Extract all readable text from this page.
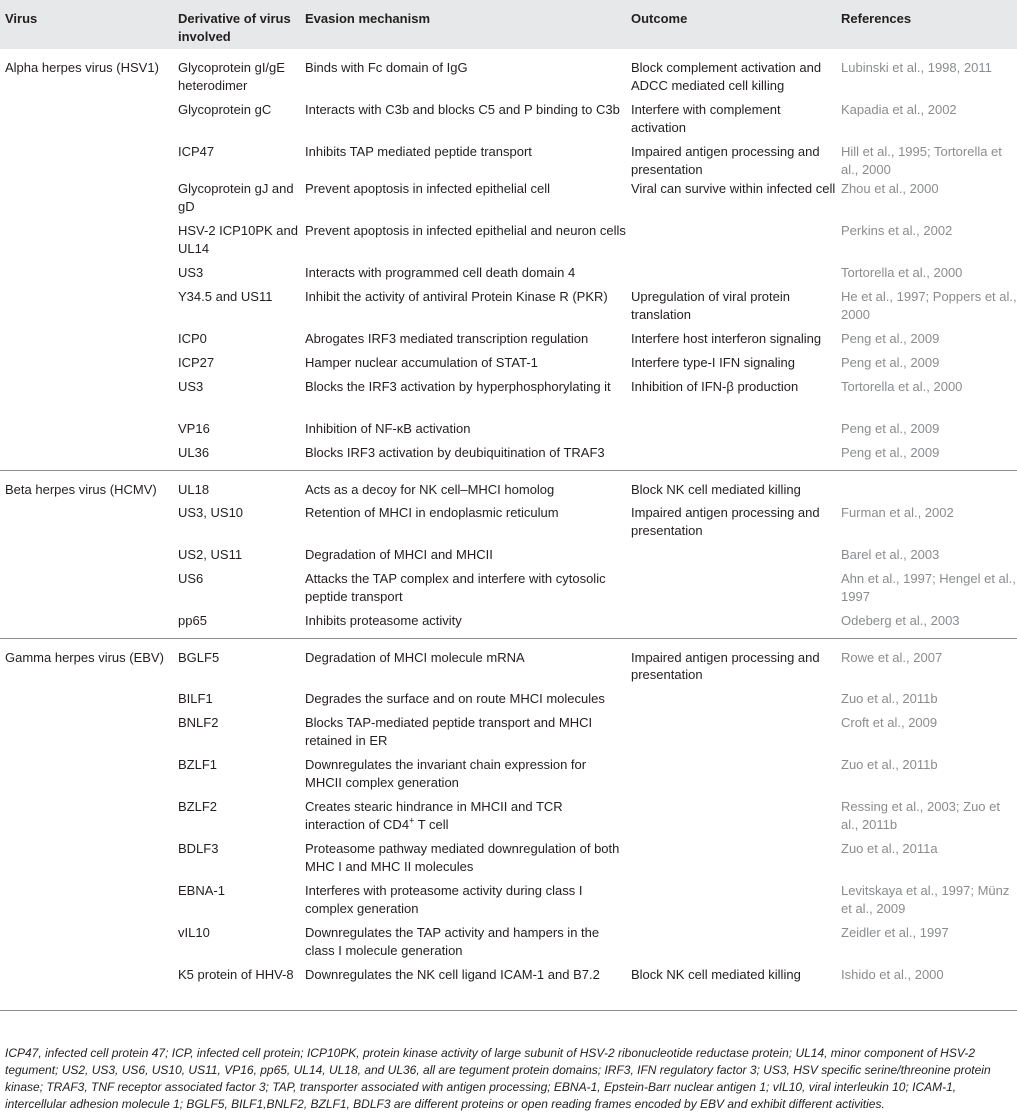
Virus	Derivative of virus involved	Evasion mechanism	Outcome	References
Alpha herpes virus (HSV1)	Glycoprotein gI/gE heterodimer	Binds with Fc domain of IgG	Block complement activation and ADCC mediated cell killing	Lubinski et al., 1998, 2011
	Glycoprotein gC	Interacts with C3b and blocks C5 and P binding to C3b	Interfere with complement activation	Kapadia et al., 2002
	ICP47	Inhibits TAP mediated peptide transport	Impaired antigen processing and presentation	Hill et al., 1995; Tortorella et al., 2000
	Glycoprotein gJ and gD	Prevent apoptosis in infected epithelial cell	Viral can survive within infected cell	Zhou et al., 2000
	HSV-2 ICP10PK and UL14	Prevent apoptosis in infected epithelial and neuron cells		Perkins et al., 2002
	US3	Interacts with programmed cell death domain 4		Tortorella et al., 2000
	Y34.5 and US11	Inhibit the activity of antiviral Protein Kinase R (PKR)	Upregulation of viral protein translation	He et al., 1997; Poppers et al., 2000
	ICP0	Abrogates IRF3 mediated transcription regulation	Interfere host interferon signaling	Peng et al., 2009
	ICP27	Hamper nuclear accumulation of STAT-1	Interfere type-I IFN signaling	Peng et al., 2009
	US3	Blocks the IRF3 activation by hyperphosphorylating it	Inhibition of IFN-β production	Tortorella et al., 2000
	VP16	Inhibition of NF-κB activation		Peng et al., 2009
	UL36	Blocks IRF3 activation by deubiquitination of TRAF3		Peng et al., 2009
Beta herpes virus (HCMV)	UL18	Acts as a decoy for NK cell–MHCI homolog	Block NK cell mediated killing	
	US3, US10	Retention of MHCI in endoplasmic reticulum	Impaired antigen processing and presentation	Furman et al., 2002
	US2, US11	Degradation of MHCI and MHCII		Barel et al., 2003
	US6	Attacks the TAP complex and interfere with cytosolic peptide transport		Ahn et al., 1997; Hengel et al., 1997
	pp65	Inhibits proteasome activity		Odeberg et al., 2003
Gamma herpes virus (EBV)	BGLF5	Degradation of MHCI molecule mRNA	Impaired antigen processing and presentation	Rowe et al., 2007
	BILF1	Degrades the surface and on route MHCI molecules		Zuo et al., 2011b
	BNLF2	Blocks TAP-mediated peptide transport and MHCI retained in ER		Croft et al., 2009
	BZLF1	Downregulates the invariant chain expression for MHCII complex generation		Zuo et al., 2011b
	BZLF2	Creates stearic hindrance in MHCII and TCR interaction of CD4+ T cell		Ressing et al., 2003; Zuo et al., 2011b
	BDLF3	Proteasome pathway mediated downregulation of both MHC I and MHC II molecules		Zuo et al., 2011a
	EBNA-1	Interferes with proteasome activity during class I complex generation		Levitskaya et al., 1997; Münz et al., 2009
	vIL10	Downregulates the TAP activity and hampers in the class I molecule generation		Zeidler et al., 1997
	K5 protein of HHV-8	Downregulates the NK cell ligand ICAM-1 and B7.2	Block NK cell mediated killing	Ishido et al., 2000

ICP47, infected cell protein 47; ICP, infected cell protein; ICP10PK, protein kinase activity of large subunit of HSV-2 ribonucleotide reductase protein; UL14, minor component of HSV-2 tegument; US2, US3, US6, US10, US11, VP16, pp65, UL14, UL18, and UL36, all are tegument protein domains; IRF3, IFN regulatory factor 3; US3, HSV specific serine/threonine protein kinase; TRAF3, TNF receptor associated factor 3; TAP, transporter associated with antigen processing; EBNA-1, Epstein-Barr nuclear antigen 1; vIL10, viral interleukin 10; ICAM-1, intercellular adhesion molecule 1; BGLF5, BILF1,BNLF2, BZLF1, BDLF3 are different proteins or open reading frames encoded by EBV and exhibit different activities.
